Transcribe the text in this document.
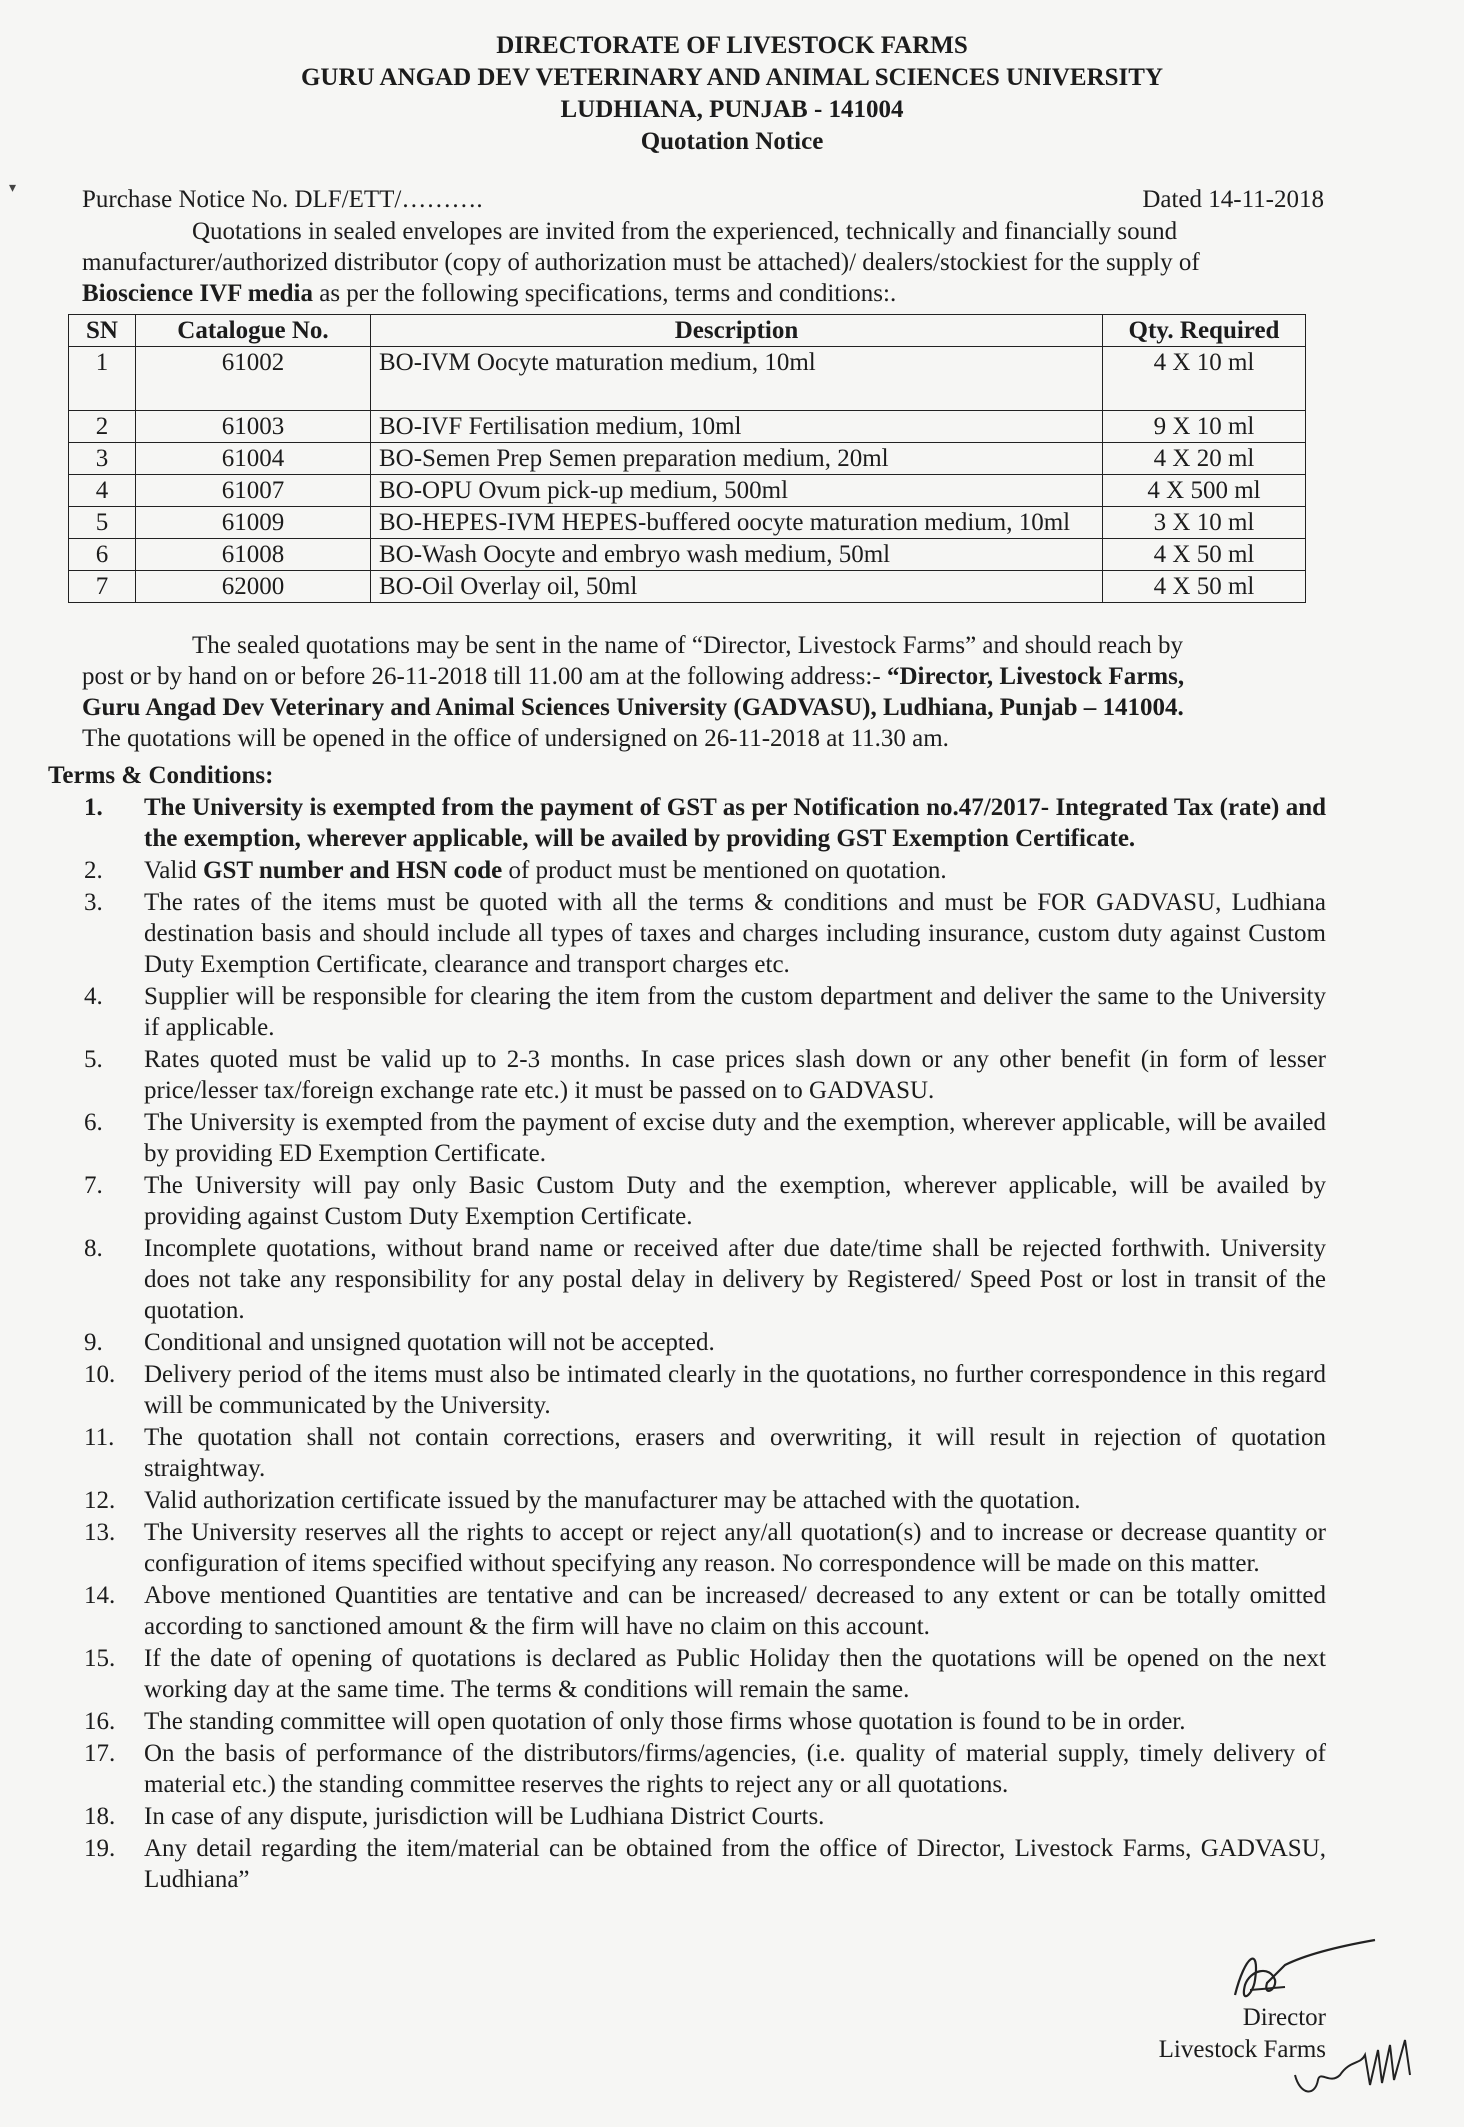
▾
DIRECTORATE OF LIVESTOCK FARMS
GURU ANGAD DEV VETERINARY AND ANIMAL SCIENCES UNIVERSITY
LUDHIANA, PUNJAB - 141004
Quotation Notice
Purchase Notice No. DLF/ETT/……….	Dated 14-11-2018

Quotations in sealed envelopes are invited from the experienced, technically and financially sound

manufacturer/authorized distributor (copy of authorization must be attached)/ dealers/stockiest for the supply of

Bioscience IVF media as per the following specifications, terms and conditions:.

SN	Catalogue No.	Description	Qty. Required
1	61002	BO-IVM Oocyte maturation medium, 10ml	4 X 10 ml
2	61003	BO-IVF Fertilisation medium, 10ml	9 X 10 ml
3	61004	BO-Semen Prep Semen preparation medium, 20ml	4 X 20 ml
4	61007	BO-OPU Ovum pick-up medium, 500ml	4 X 500 ml
5	61009	BO-HEPES-IVM HEPES-buffered oocyte maturation medium, 10ml	3 X 10 ml
6	61008	BO-Wash Oocyte and embryo wash medium, 50ml	4 X 50 ml
7	62000	BO-Oil Overlay oil, 50ml	4 X 50 ml

The sealed quotations may be sent in the name of “Director, Livestock Farms” and should reach by

post or by hand on or before 26-11-2018 till 11.00 am at the following address:- “Director, Livestock Farms,

Guru Angad Dev Veterinary and Animal Sciences University (GADVASU), Ludhiana, Punjab – 141004.

The quotations will be opened in the office of undersigned on 26-11-2018 at 11.30 am.

Terms & Conditions:
1.	The University is exempted from the payment of GST as per Notification no.47/2017- Integrated Tax (rate) and the exemption, wherever applicable, will be availed by providing GST Exemption Certificate.
2.	Valid GST number and HSN code of product must be mentioned on quotation.
3.	The rates of the items must be quoted with all the terms & conditions and must be FOR GADVASU, Ludhiana destination basis and should include all types of taxes and charges including insurance, custom duty against Custom Duty Exemption Certificate, clearance and transport charges etc.
4.	Supplier will be responsible for clearing the item from the custom department and deliver the same to the University if applicable.
5.	Rates quoted must be valid up to 2-3 months. In case prices slash down or any other benefit (in form of lesser price/lesser tax/foreign exchange rate etc.) it must be passed on to GADVASU.
6.	The University is exempted from the payment of excise duty and the exemption, wherever applicable, will be availed by providing ED Exemption Certificate.
7.	The University will pay only Basic Custom Duty and the exemption, wherever applicable, will be availed by providing against Custom Duty Exemption Certificate.
8.	Incomplete quotations, without brand name or received after due date/time shall be rejected forthwith. University does not take any responsibility for any postal delay in delivery by Registered/ Speed Post or lost in transit of the quotation.
9.	Conditional and unsigned quotation will not be accepted.
10.	Delivery period of the items must also be intimated clearly in the quotations, no further correspondence in this regard will be communicated by the University.
11.	The quotation shall not contain corrections, erasers and overwriting, it will result in rejection of quotation straightway.
12.	Valid authorization certificate issued by the manufacturer may be attached with the quotation.
13.	The University reserves all the rights to accept or reject any/all quotation(s) and to increase or decrease quantity or configuration of items specified without specifying any reason. No correspondence will be made on this matter.
14.	Above mentioned Quantities are tentative and can be increased/ decreased to any extent or can be totally omitted according to sanctioned amount & the firm will have no claim on this account.
15.	If the date of opening of quotations is declared as Public Holiday then the quotations will be opened on the next working day at the same time. The terms & conditions will remain the same.
16.	The standing committee will open quotation of only those firms whose quotation is found to be in order.
17.	On the basis of performance of the distributors/firms/agencies, (i.e. quality of material supply, timely delivery of material etc.) the standing committee reserves the rights to reject any or all quotations.
18.	In case of any dispute, jurisdiction will be Ludhiana District Courts.
19.	Any detail regarding the item/material can be obtained from the office of Director, Livestock Farms, GADVASU, Ludhiana”
Director
Livestock Farms
